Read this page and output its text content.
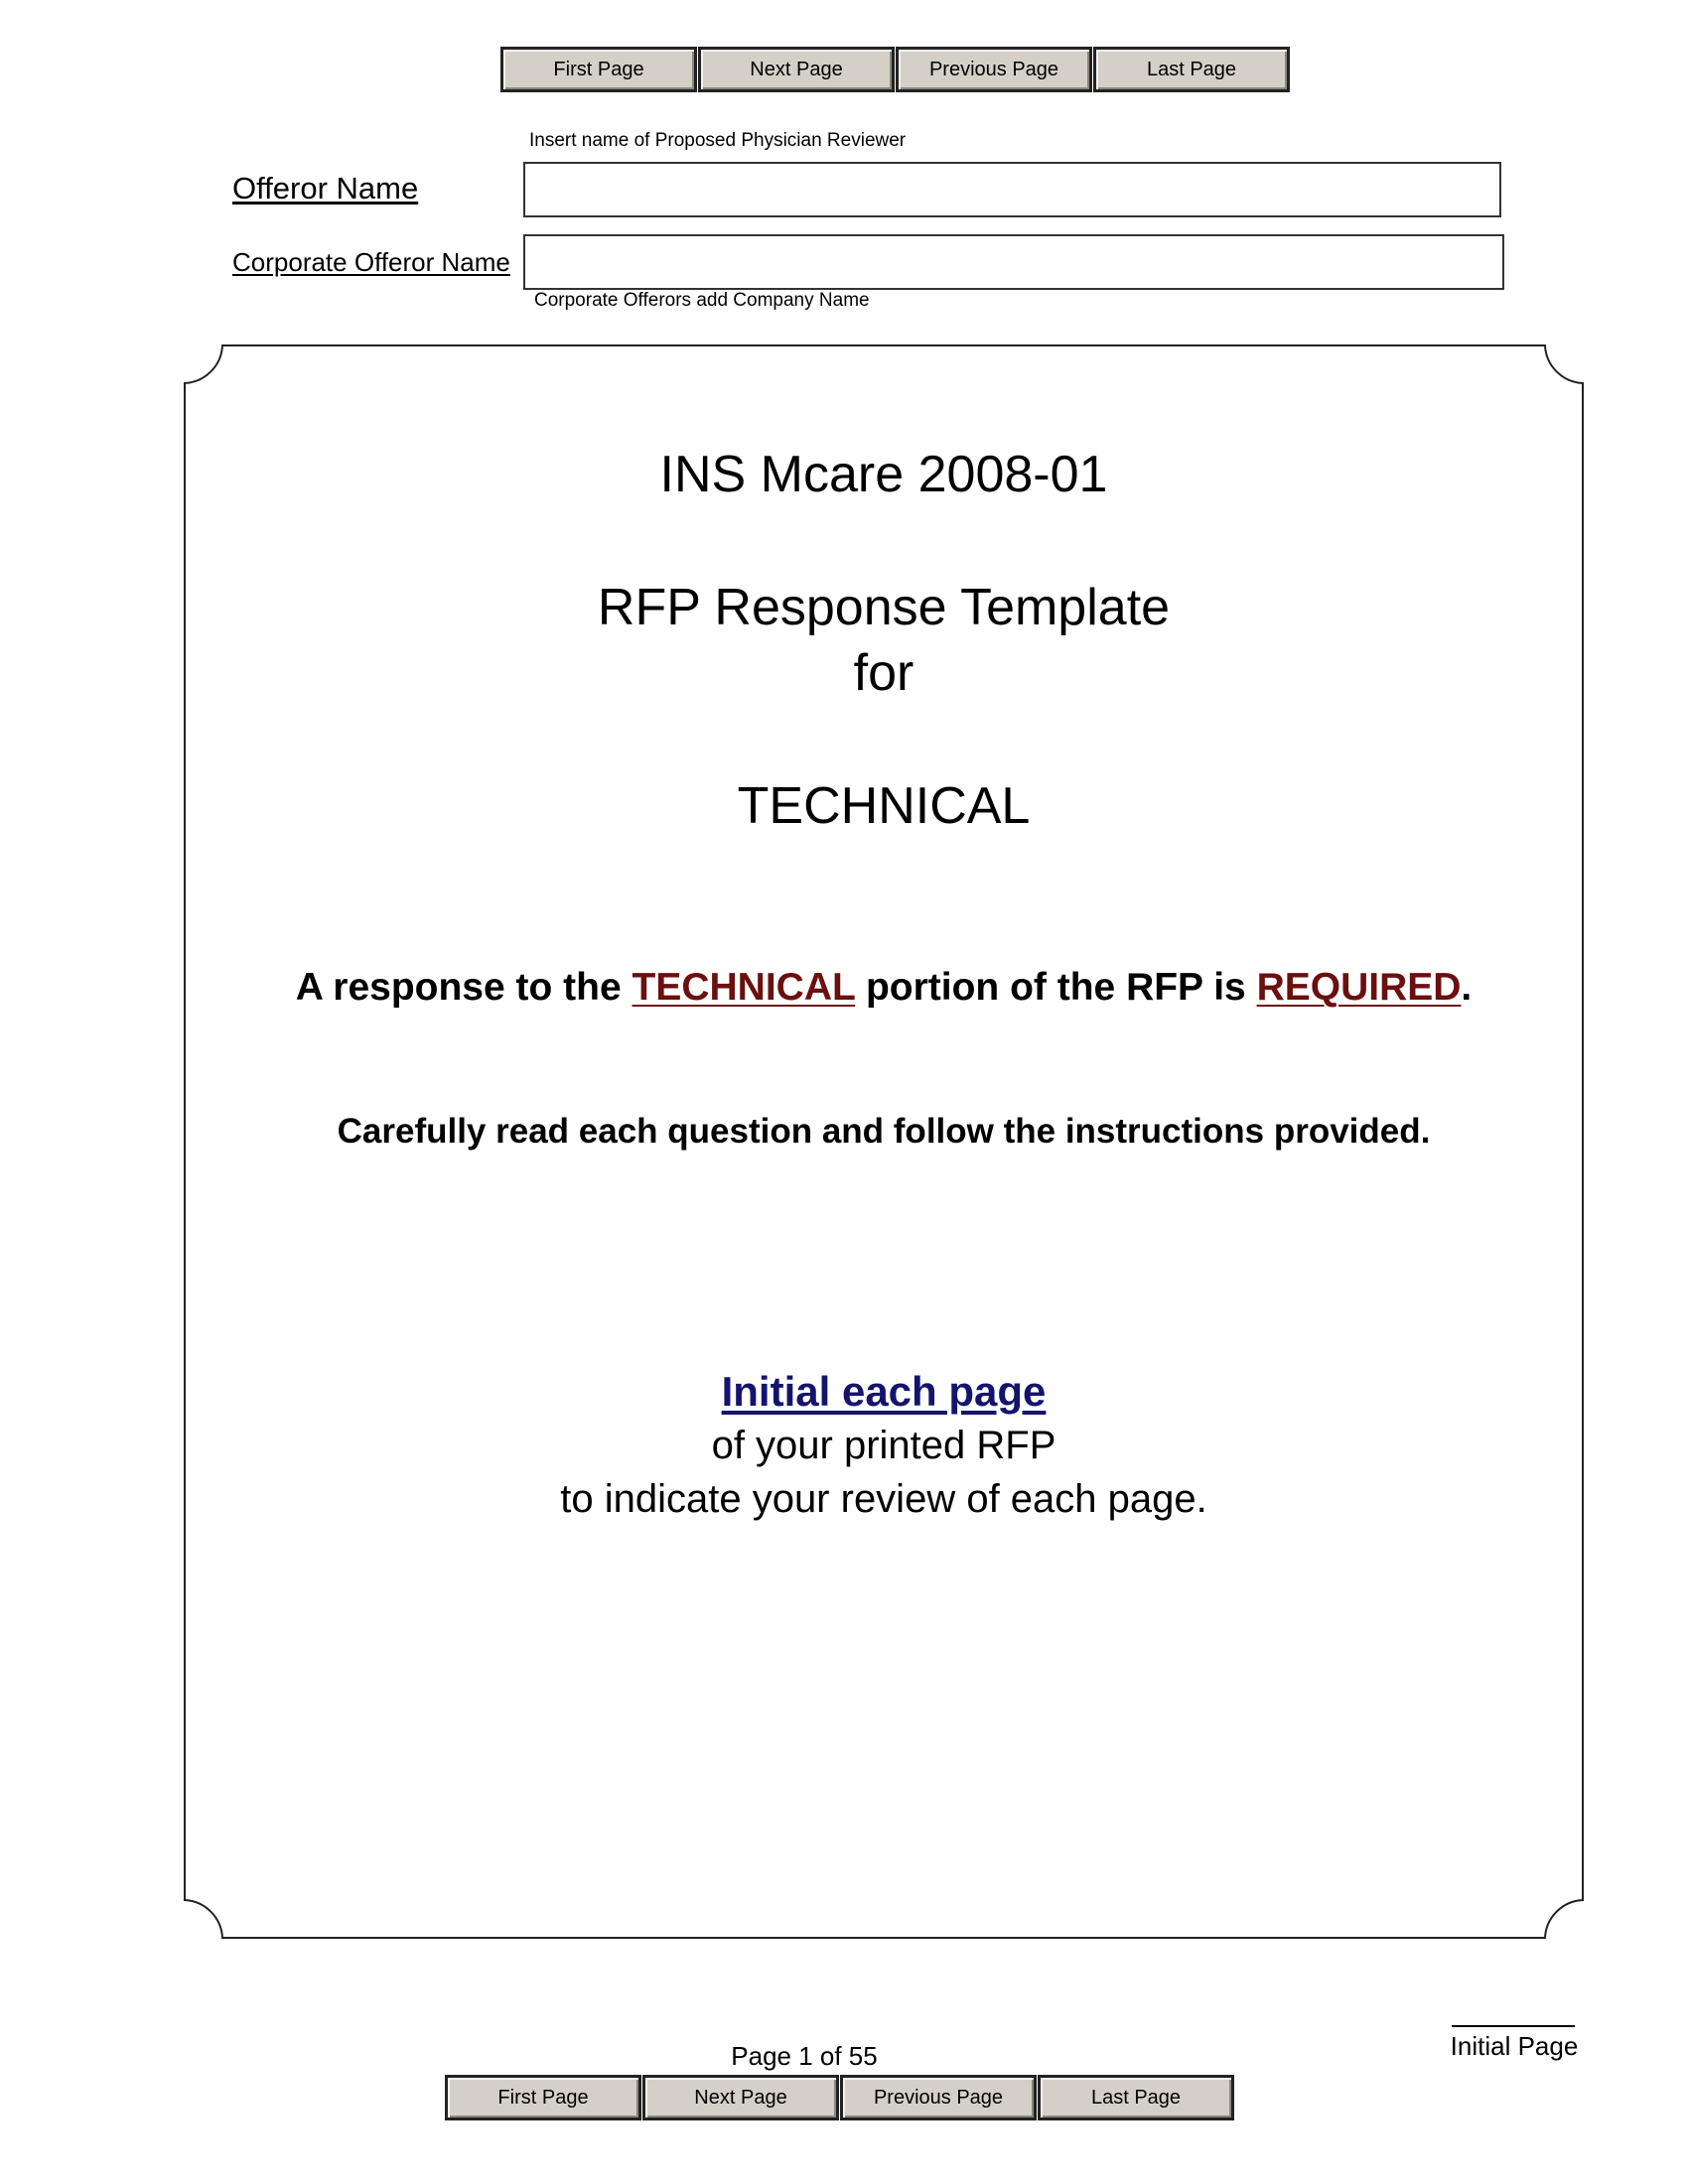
First Page	Next Page	Previous Page	Last Page
Insert name of Proposed Physician Reviewer
Offeror Name
Corporate Offeror Name
Corporate Offerors add Company Name
INS Mcare 2008-01
RFP Response Template
for
TECHNICAL
A response to the TECHNICAL portion of the RFP is REQUIRED.
Carefully read each question and follow the instructions provided.
Initial each page
of your printed RFP
to indicate your review of each page.
Page 1 of 55	Initial Page
First Page	Next Page	Previous Page	Last Page
